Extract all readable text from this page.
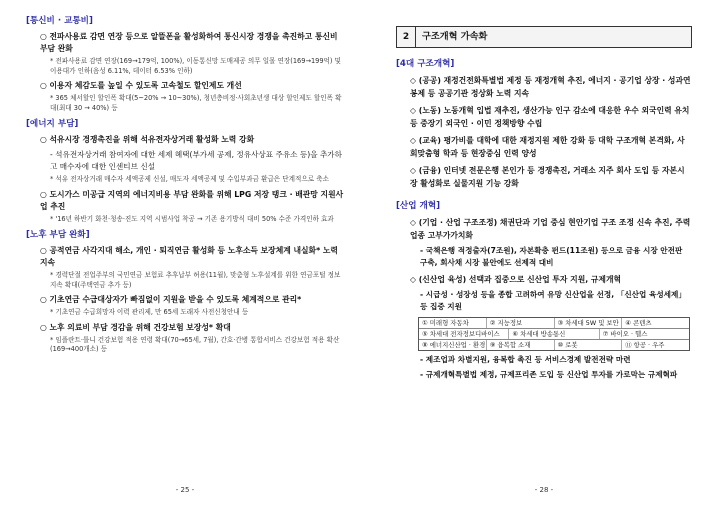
[통신비 · 교통비]
○ 전파사용료 감면 연장 등으로 알뜰폰을 활성화하여 통신시장 경쟁을 촉진하고 통신비 부담 완화
* 전파사용료 감면 연장(169→179억, 100%), 이동통신망 도매제공 의무 일몰 연장(169→199억) 및 이용대가 인하(음성 6.11%, 데이터 6.53% 인하)
○ 이용자 체감도를 높일 수 있도록 고속철도 할인제도 개선
* 365 체서할인 할인폭 확대(5~20% → 10~30%), 청년층비정·사회초년생 대상 할인제도 할인폭 확대(최대 30 → 40%) 등
[에너지 부담]
○ 석유시장 경쟁촉진을 위해 석유전자상거래 활성화 노력 강화
- 석유전자상거래 참여자에 대한 세제 혜택(부가세 공제, 정유사상표 주유소 등)을 추가하고 매수자에 대한 인센티브 신설
* 석유 전자상거래 매수자 세액공제 신설, 매도자 세액공제 및 수입부과금 환급은 단계적으로 축소
○ 도시가스 미공급 지역의 에너지비용 부담 완화를 위해 LPG 저장 탱크 · 배관망 지원사업 추진
* '16년 하반기 화천·청송·진도 지역 시범사업 착공 → 기존 용기방식 대비 50% 수준 가격인하 효과
[노후 부담 완화]
○ 공적연금 사각지대 해소, 개인 · 퇴직연금 활성화 등 노후소득 보장체계 내실화* 노력 지속
* 경력단절 전업주부의 국민연금 보험료 추후납부 허용(11월), 맞춤형 노후설계를 위한 연금포털 정보 지속 확대(주택연금 추가 등)
○ 기초연금 수급대상자가 빠짐없이 지원을 받을 수 있도록 체계적으로 관리*
* 기초연금 수급희망자 이력 관리제, 만 65세 도래자 사전신청안내 등
○ 노후 의료비 부담 경감을 위해 건강보험 보장성* 확대
* 임플란트·틀니 건강보험 적용 연령 확대(70→65세, 7월), 간호·간병 통합서비스 건강보험 적용 확산(169→400개소) 등
- 25 -
2	구조개혁 가속화
[4대 구조개혁]
◇ (공공) 재정건전화특별법 제정 등 재정개혁 추진, 에너지 · 공기업 상장 · 성과연봉제 등 공공기관 정상화 노력 지속
◇ (노동) 노동개혁 입법 재추진, 생산가능 인구 감소에 대응한 우수 외국인력 유치 등 중장기 외국인 · 이민 정책방향 수립
◇ (교육) 평가비를 대학에 대한 재정지원 제한 강화 등 대학 구조개혁 본격화, 사회맞춤형 학과 등 현장중심 인력 양성
◇ (금융) 인터넷 전문은행 본인가 등 경쟁촉진, 거래소 지주 회사 도입 등 자본시장 활성화로 실물지원 기능 강화
[산업 개혁]
◇ (기업 · 산업 구조조정) 채권단과 기업 중심 현안기업 구조 조정 신속 추진, 주력업종 고부가가치화
- 국책은행 적정출자(7조원), 자본확충 펀드(11조원) 등으로 금융 시장 안전판 구축, 회사채 시장 불안에도 선제적 대비
◇ (신산업 육성) 선택과 집중으로 신산업 투자 지원, 규제개혁
- 시급성 · 성장성 등을 종합 고려하여 유망 신산업을 선정, 「신산업 육성세제」 등 집중 지원
① 미래형 자동차	② 지능정보	③ 차세대 5W 및 보안	④ 콘텐츠
⑤ 차세대 전자정보디바이스	⑥ 차세대 방송통신	⑦ 바이오 · 헬스
⑧ 에너지신산업 · 환경 ⑨ 융복합 소재	⑩ 로봇	⑪ 항공 · 우주
- 제조업과 차별지원, 융복합 촉진 등 서비스경제 발전전략 마련
- 규제개혁특별법 제정, 규제프리존 도입 등 신산업 투자를 가로막는 규제혁파
- 28 -
